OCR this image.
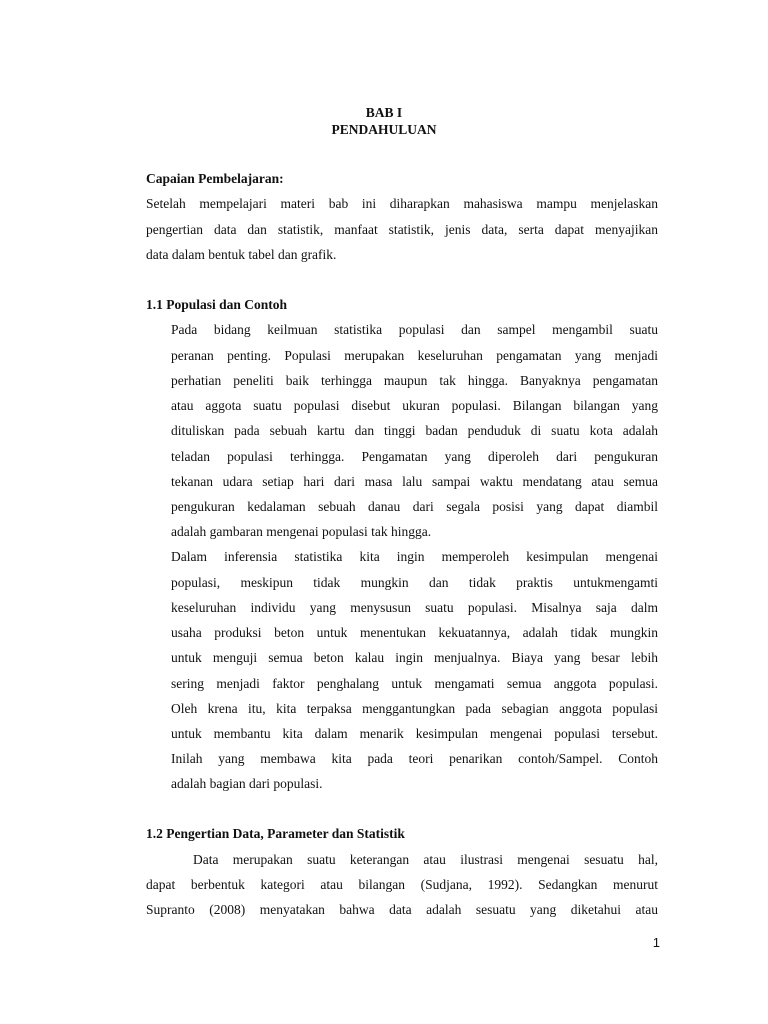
BAB I
PENDAHULUAN
Capaian Pembelajaran:
Setelah mempelajari materi bab ini diharapkan mahasiswa mampu menjelaskan
pengertian data dan statistik, manfaat statistik, jenis data, serta dapat menyajikan
data dalam bentuk tabel dan grafik.
1.1 Populasi dan Contoh
Pada bidang keilmuan statistika populasi dan sampel mengambil suatu
peranan penting. Populasi merupakan keseluruhan pengamatan yang menjadi
perhatian peneliti baik terhingga maupun tak hingga. Banyaknya pengamatan
atau aggota suatu populasi disebut ukuran populasi. Bilangan bilangan yang
dituliskan pada sebuah kartu dan tinggi badan penduduk di suatu kota adalah
teladan populasi terhingga. Pengamatan yang diperoleh dari pengukuran
tekanan udara setiap hari dari masa lalu sampai waktu mendatang atau semua
pengukuran kedalaman sebuah danau dari segala posisi yang dapat diambil
adalah gambaran mengenai populasi tak hingga.
Dalam inferensia statistika kita ingin memperoleh kesimpulan mengenai
populasi, meskipun tidak mungkin dan tidak praktis untukmengamti
keseluruhan individu yang menysusun suatu populasi. Misalnya saja dalm
usaha produksi beton untuk menentukan kekuatannya, adalah tidak mungkin
untuk menguji semua beton kalau ingin menjualnya. Biaya yang besar lebih
sering menjadi faktor penghalang untuk mengamati semua anggota populasi.
Oleh krena itu, kita terpaksa menggantungkan pada sebagian anggota populasi
untuk membantu kita dalam menarik kesimpulan mengenai populasi tersebut.
Inilah yang membawa kita pada teori penarikan contoh/Sampel. Contoh
adalah bagian dari populasi.
1.2 Pengertian Data, Parameter dan Statistik
Data merupakan suatu keterangan atau ilustrasi mengenai sesuatu hal,
dapat berbentuk kategori atau bilangan (Sudjana, 1992). Sedangkan menurut
Supranto (2008) menyatakan bahwa data adalah sesuatu yang diketahui atau
1
